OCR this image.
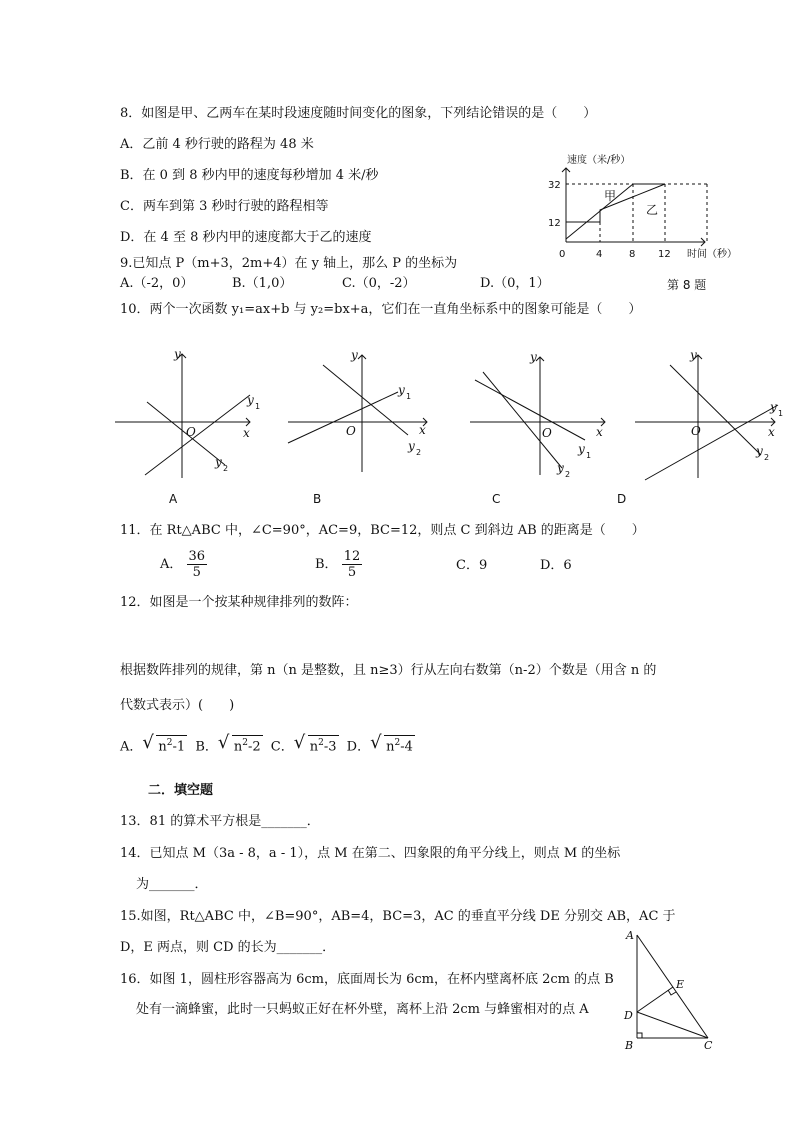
8．如图是甲、乙两车在某时段速度随时间变化的图象，下列结论错误的是（　　）
A．乙前 4 秒行驶的路程为 48 米
B．在 0 到 8 秒内甲的速度每秒增加 4 米/秒
C．两车到第 3 秒时行驶的路程相等
D．在 4 至 8 秒内甲的速度都大于乙的速度
速度（米/秒）
32
12
0	4	8 12 时间（秒）
甲
乙
第 8 题
9.已知点 P（m+3，2m+4）在 y 轴上，那么 P 的坐标为
A.（-2，0）	B.（1,0）	C.（0，-2）	D.（0，1）
10．两个一次函数 y₁=ax+b 与 y₂=bx+a，它们在一直角坐标系中的图象可能是（　　）
y
x
O
y 1
y 2
A
y
x
O
y 1
y 2
B
y
x
O
y 1
y 2
C
y
x
O
y 1
y 2
D
11．在 Rt△ABC 中，∠C=90°，AC=9，BC=12，则点 C 到斜边 AB 的距离是（　　）
A． $\frac{36}{5}$	B． $\frac{12}{5}$	C．9	D．6
12．如图是一个按某种规律排列的数阵：
根据数阵排列的规律，第 n（n 是整数，且 n≥3）行从左向右数第（n-2）个数是（用含 n 的
代数式表示）(　　)
A． √ $n^2-1$ B． √ $n^2-2$ C． √ $n^2-3$ D． √ $n^2-4$
二．填空题
13．81 的算术平方根是_______．
14．已知点 M（3a - 8，a - 1），点 M 在第二、四象限的角平分线上，则点 M 的坐标
为_______．
15.如图，Rt△ABC 中，∠B=90°，AB=4，BC=3，AC 的垂直平分线 DE 分别交 AB，AC 于
D，E 两点，则 CD 的长为_______．
16．如图 1，圆柱形容器高为 6cm，底面周长为 6cm，在杯内壁离杯底 2cm 的点 B
处有一滴蜂蜜，此时一只蚂蚁正好在杯外壁，离杯上沿 2cm 与蜂蜜相对的点 A
A
B	C
D
E
